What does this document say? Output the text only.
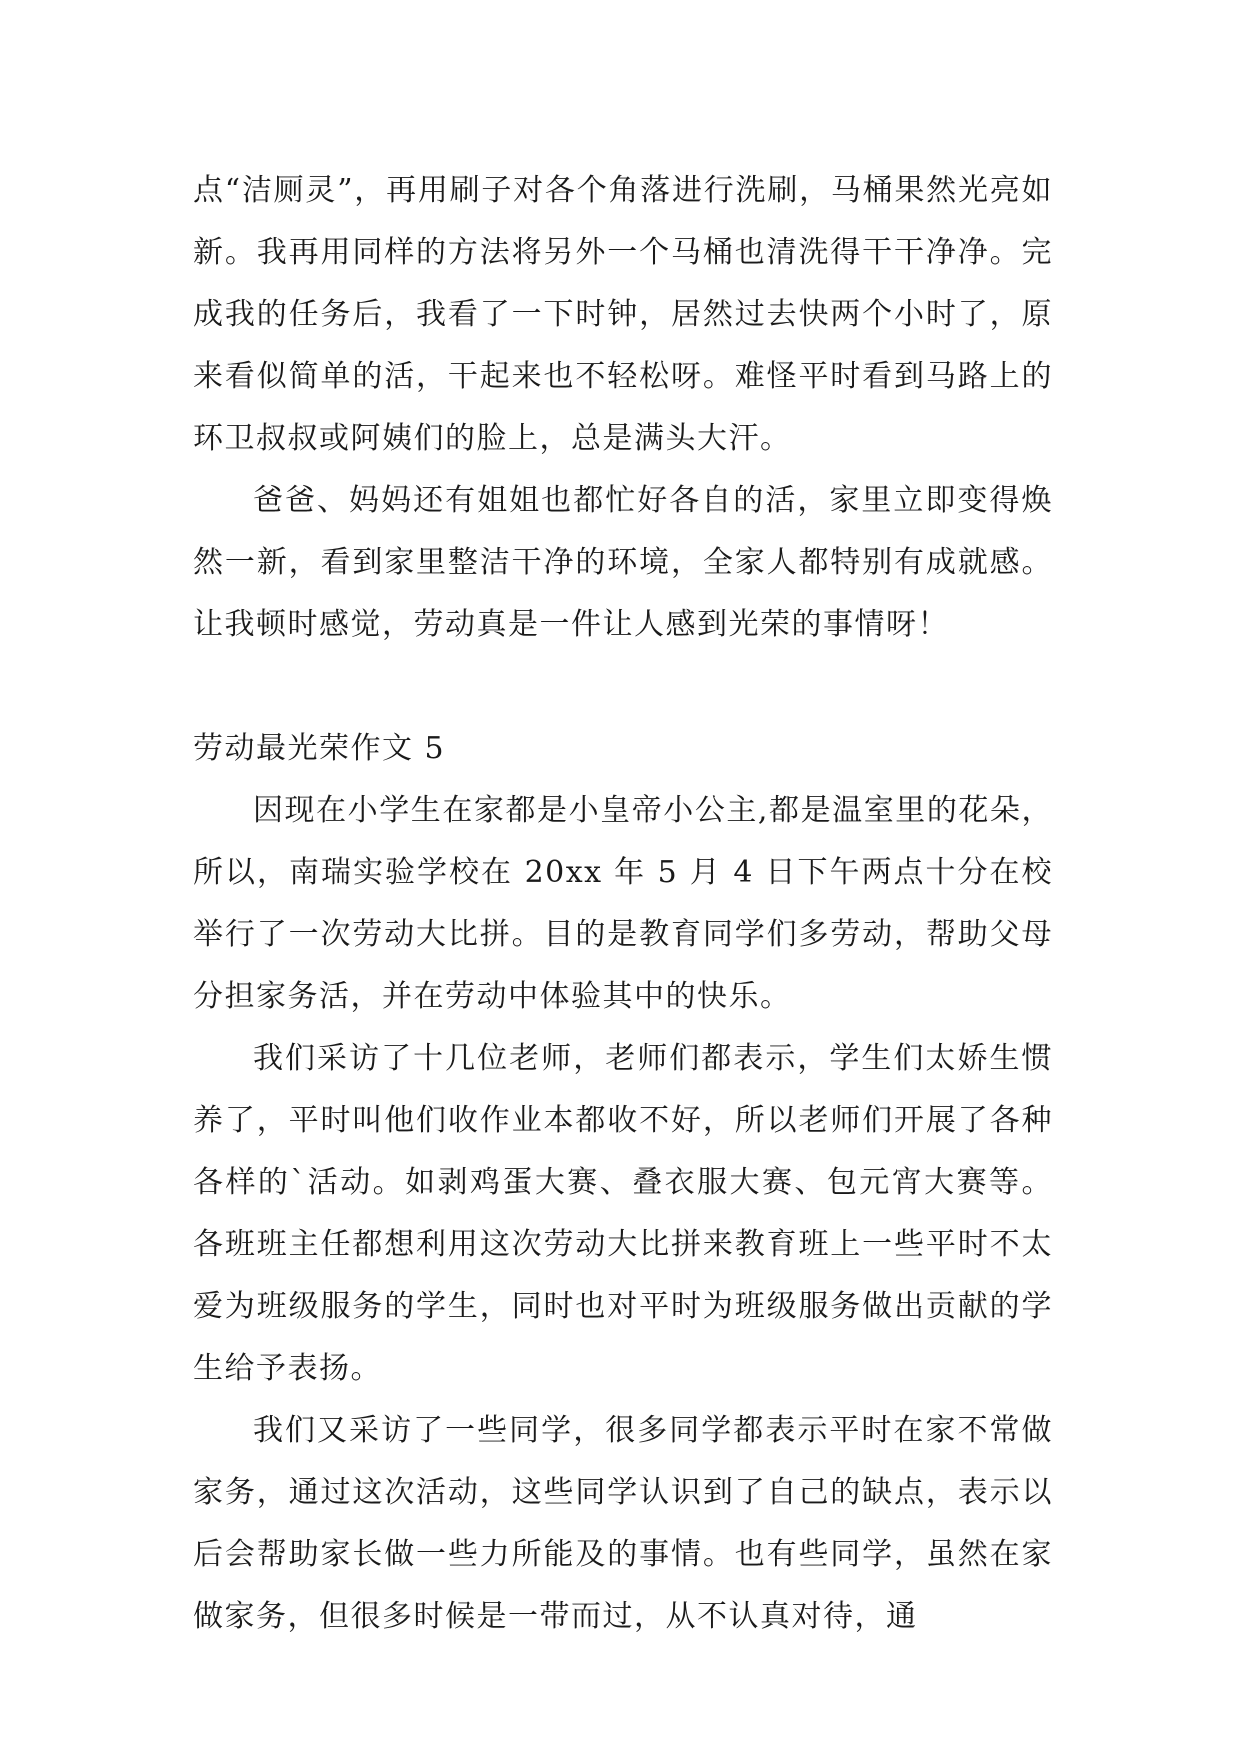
点“洁厕灵”，再用刷子对各个角落进行洗刷，马桶果然光亮如新。我再用同样的方法将另外一个马桶也清洗得干干净净。完成我的任务后，我看了一下时钟，居然过去快两个小时了，原来看似简单的活，干起来也不轻松呀。难怪平时看到马路上的环卫叔叔或阿姨们的脸上，总是满头大汗。

爸爸、妈妈还有姐姐也都忙好各自的活，家里立即变得焕然一新，看到家里整洁干净的环境，全家人都特别有成就感。让我顿时感觉，劳动真是一件让人感到光荣的事情呀！

劳动最光荣作文 5

因现在小学生在家都是小皇帝小公主,都是温室里的花朵，所以，南瑞实验学校在 20xx 年 5 月 4 日下午两点十分在校举行了一次劳动大比拼。目的是教育同学们多劳动，帮助父母分担家务活，并在劳动中体验其中的快乐。

我们采访了十几位老师，老师们都表示，学生们太娇生惯养了，平时叫他们收作业本都收不好，所以老师们开展了各种各样的`活动。如剥鸡蛋大赛、叠衣服大赛、包元宵大赛等。各班班主任都想利用这次劳动大比拼来教育班上一些平时不太爱为班级服务的学生，同时也对平时为班级服务做出贡献的学生给予表扬。

我们又采访了一些同学，很多同学都表示平时在家不常做家务，通过这次活动，这些同学认识到了自己的缺点，表示以后会帮助家长做一些力所能及的事情。也有些同学，虽然在家做家务，但很多时候是一带而过，从不认真对待，通
